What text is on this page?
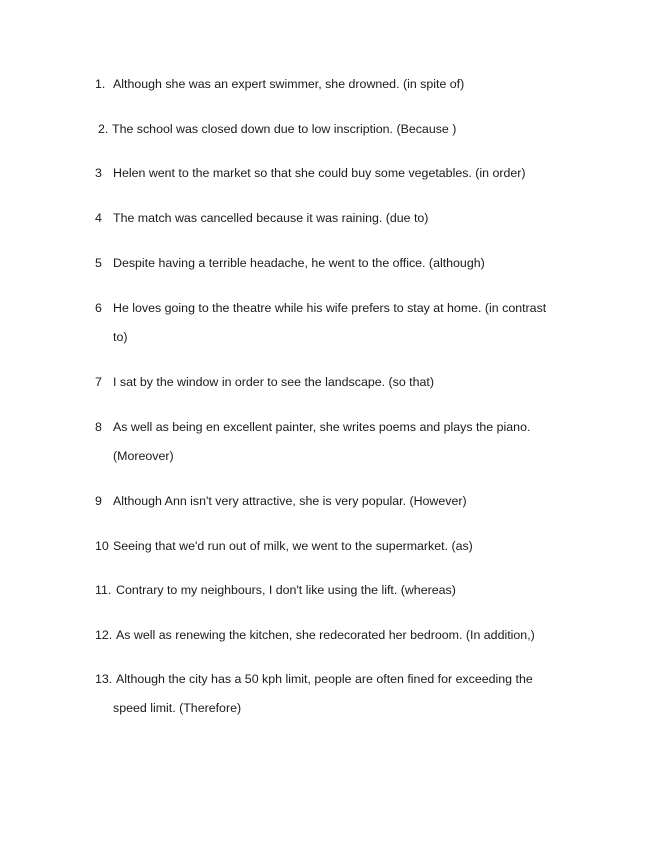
1. Although she was an expert swimmer, she drowned. (in spite of)
2. The school was closed down due to low inscription. (Because )
3 Helen went to the market so that she could buy some vegetables. (in order)
4 The match was cancelled because it was raining. (due to)
5 Despite having a terrible headache, he went to the office. (although)
6 He loves going to the theatre while his wife prefers to stay at home. (in contrast
to)
7 I sat by the window in order to see the landscape. (so that)
8 As well as being en excellent painter, she writes poems and plays the piano.
(Moreover)
9 Although Ann isn't very attractive, she is very popular. (However)
10 Seeing that we'd run out of milk, we went to the supermarket. (as)
11. Contrary to my neighbours, I don't like using the lift. (whereas)
12. As well as renewing the kitchen, she redecorated her bedroom. (In addition,)
13. Although the city has a 50 kph limit, people are often fined for exceeding the
speed limit. (Therefore)
